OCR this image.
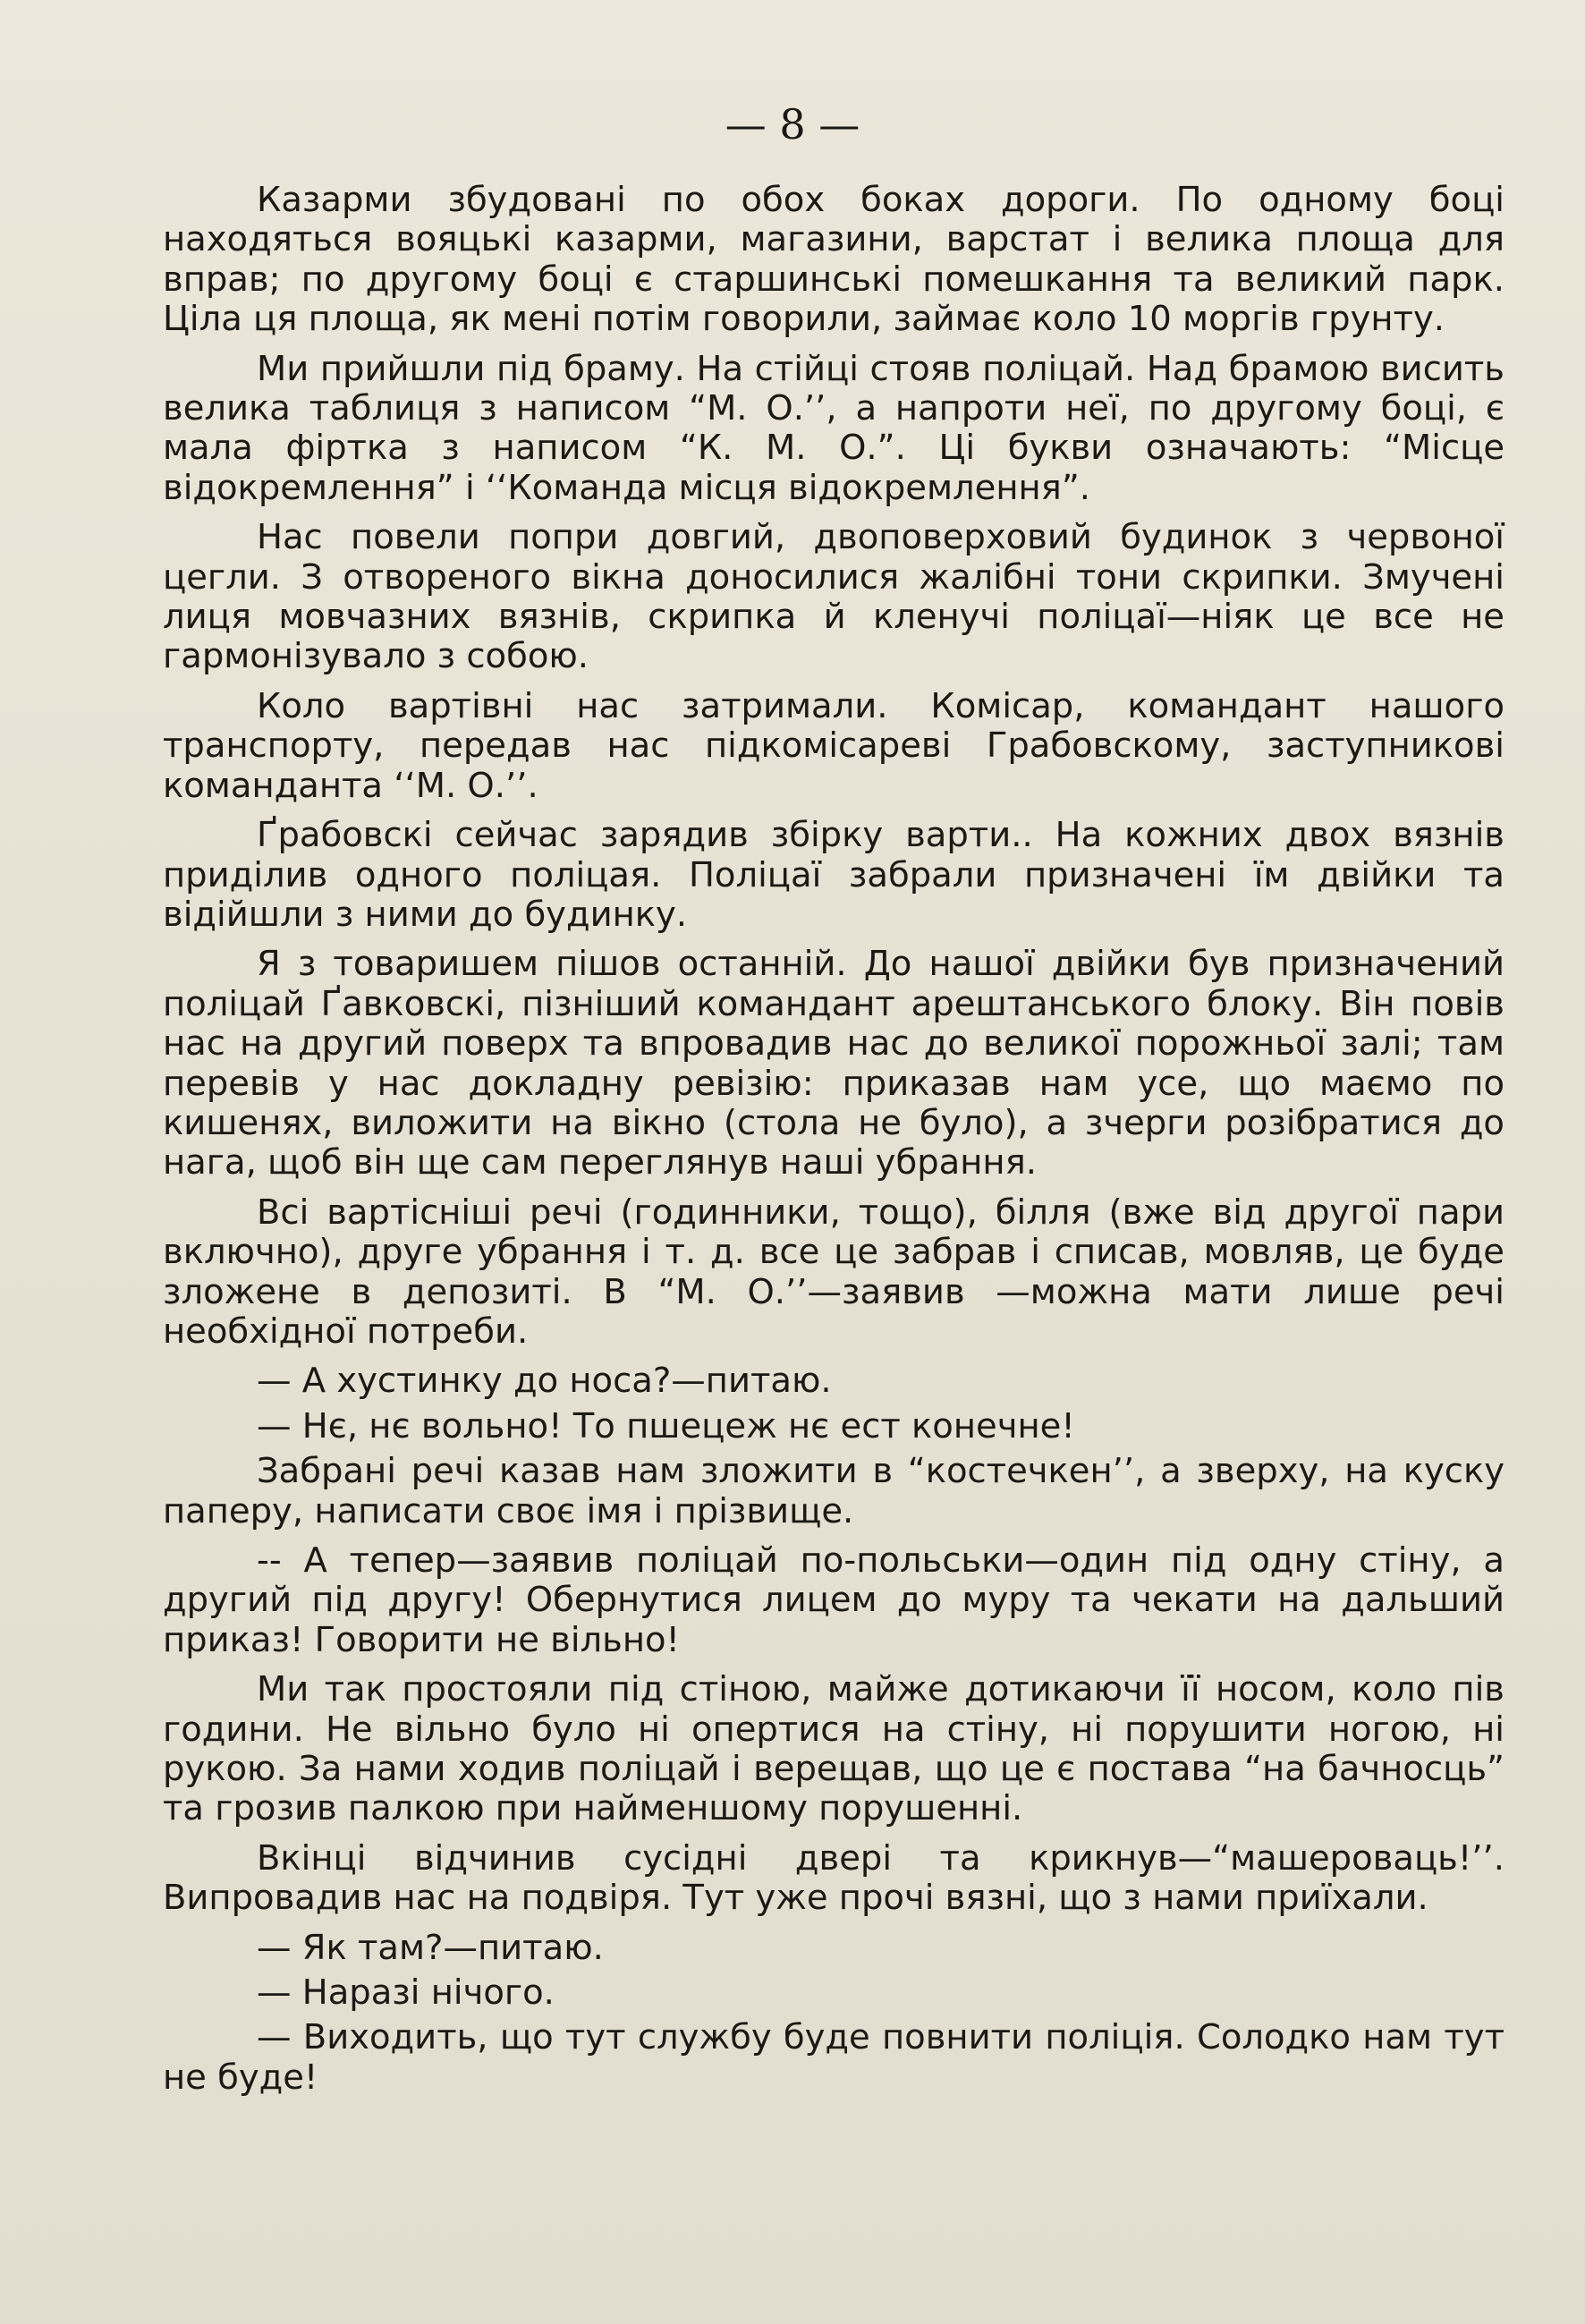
— 8 —

Казарми збудовані по обох боках дороги. По одному боці находяться вояцькі казарми, магазини, варстат і велика площа для вправ; по другому боці є старшинські помешкання та великий парк. Ціла ця площа, як мені потім говорили, займає коло 10 моргів грунту.

Ми прийшли під браму. На стійці стояв поліцай. Над брамою висить велика таблиця з написом “М. О.’’, а напроти неї, по другому боці, є мала фіртка з написом “К. М. О.”. Ці букви означають: “Місце відокремлення” і ‘‘Команда місця відокремлення”.

Нас повели попри довгий, двоповерховий будинок з червоної цегли. З отвореного вікна доносилися жалібні тони скрипки. Змучені лиця мовчазних вязнів, скрипка й кленучі поліцаї—ніяк це все не гармонізувало з собою.

Коло вартівні нас затримали. Комісар, командант нашого транспорту, передав нас підкомісареві Грабовскому, заступникові команданта ‘‘М. О.’’.

Ґрабовскі сейчас зарядив збірку варти.. На кожних двох вязнів приділив одного поліцая. Поліцаї забрали призначені їм двійки та відійшли з ними до будинку.

Я з товаришем пішов останній. До нашої двійки був призначений поліцай Ґавковскі, пізніший командант арештанського блоку. Він повів нас на другий поверх та впровадив нас до великої порожньої залі; там перевів у нас докладну ревізію: приказав нам усе, що маємо по кишенях, виложити на вікно (стола не було), а зчерги розібратися до нага, щоб він ще сам переглянув наші убрання.

Всі вартісніші речі (годинники, тощо), білля (вже від другої пари включно), друге убрання і т. д. все це забрав і списав, мовляв, це буде зложене в депозиті. В “М. О.’’—заявив —можна мати лише речі необхідної потреби.

— А хустинку до носа?—питаю.

— Нє, нє вольно! То пшецеж нє ест конечне!

Забрані речі казав нам зложити в “костечкен’’, а зверху, на куску паперу, написати своє імя і прізвище.

-- А тепер—заявив поліцай по-польськи—один під одну стіну, а другий під другу! Обернутися лицем до муру та чекати на дальший приказ! Говорити не вільно!

Ми так простояли під стіною, майже дотикаючи її носом, коло пів години. Не вільно було ні опертися на стіну, ні порушити ногою, ні рукою. За нами ходив поліцай і верещав, що це є постава “на бачносць” та грозив палкою при найменшому порушенні.

Вкінці відчинив сусідні двері та крикнув—“машероваць!’’. Випровадив нас на подвіря. Тут уже прочі вязні, що з нами приїхали.

— Як там?—питаю.

— Наразі нічого.

— Виходить, що тут службу буде повнити поліція. Солодко нам тут не буде!
